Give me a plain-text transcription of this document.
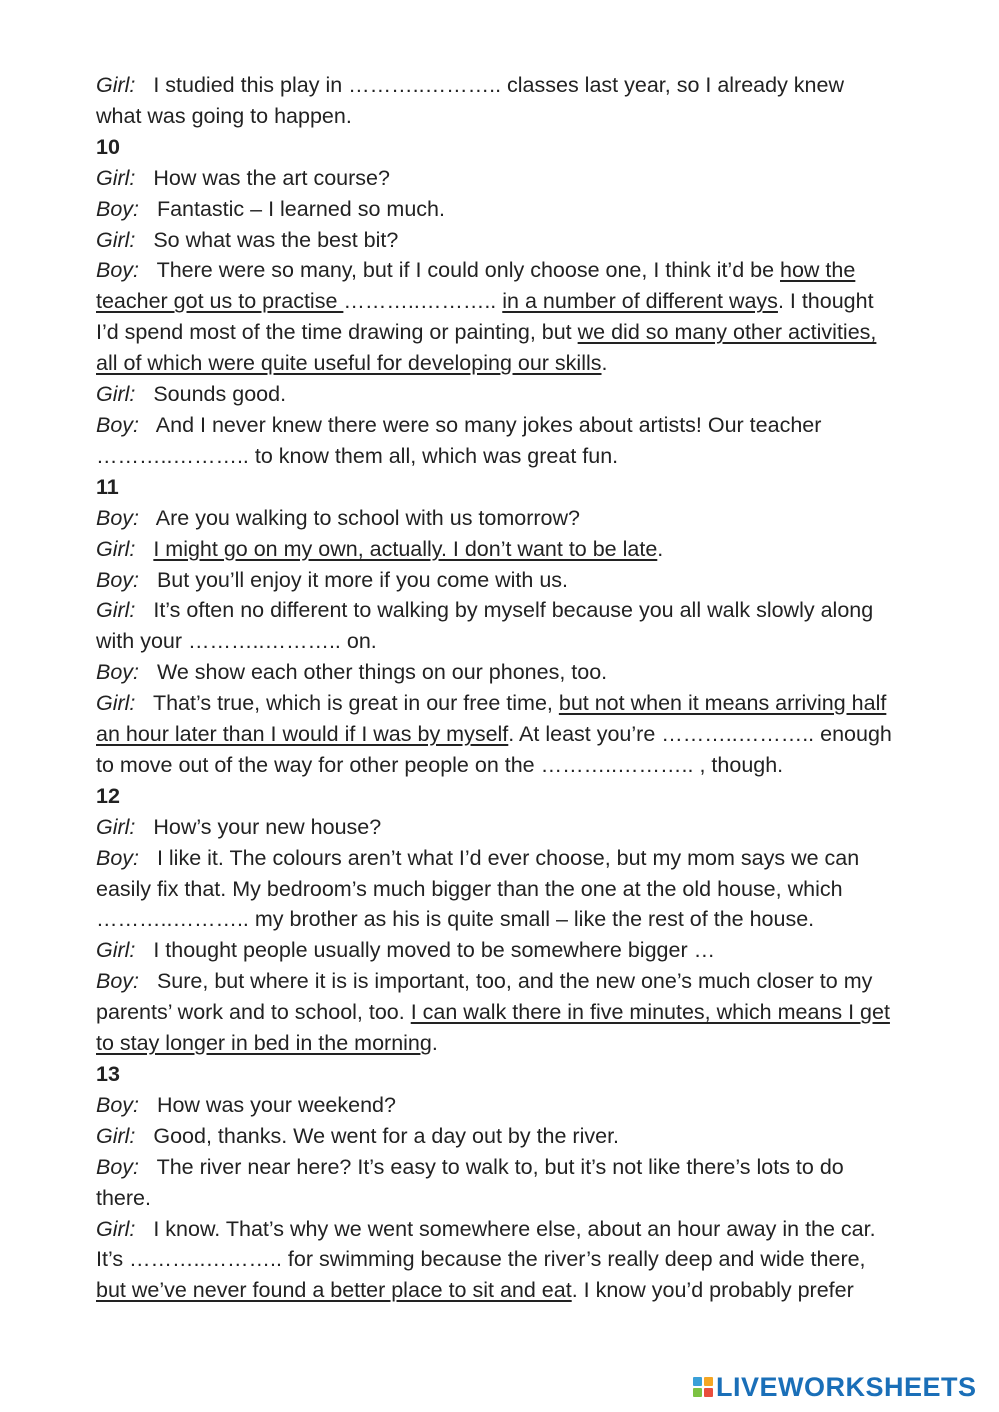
Girl: I studied this play in ………..……….. classes last year, so I already knew
what was going to happen.
10
Girl: How was the art course?
Boy: Fantastic – I learned so much.
Girl: So what was the best bit?
Boy: There were so many, but if I could only choose one, I think it’d be how the
teacher got us to practise ………..……….. in a number of different ways. I thought
I’d spend most of the time drawing or painting, but we did so many other activities,
all of which were quite useful for developing our skills.
Girl: Sounds good.
Boy: And I never knew there were so many jokes about artists! Our teacher
………..……….. to know them all, which was great fun.
11
Boy: Are you walking to school with us tomorrow?
Girl: I might go on my own, actually. I don’t want to be late.
Boy: But you’ll enjoy it more if you come with us.
Girl: It’s often no different to walking by myself because you all walk slowly along
with your ………..……….. on.
Boy: We show each other things on our phones, too.
Girl: That’s true, which is great in our free time, but not when it means arriving half
an hour later than I would if I was by myself. At least you’re ………..……….. enough
to move out of the way for other people on the ………..……….. , though.
12
Girl: How’s your new house?
Boy: I like it. The colours aren’t what I’d ever choose, but my mom says we can
easily fix that. My bedroom’s much bigger than the one at the old house, which
………..……….. my brother as his is quite small – like the rest of the house.
Girl: I thought people usually moved to be somewhere bigger …
Boy: Sure, but where it is is important, too, and the new one’s much closer to my
parents’ work and to school, too. I can walk there in five minutes, which means I get
to stay longer in bed in the morning.
13
Boy: How was your weekend?
Girl: Good, thanks. We went for a day out by the river.
Boy: The river near here? It’s easy to walk to, but it’s not like there’s lots to do
there.
Girl: I know. That’s why we went somewhere else, about an hour away in the car.
It’s ………..……….. for swimming because the river’s really deep and wide there,
but we’ve never found a better place to sit and eat. I know you’d probably prefer
LIVEWORKSHEETS
